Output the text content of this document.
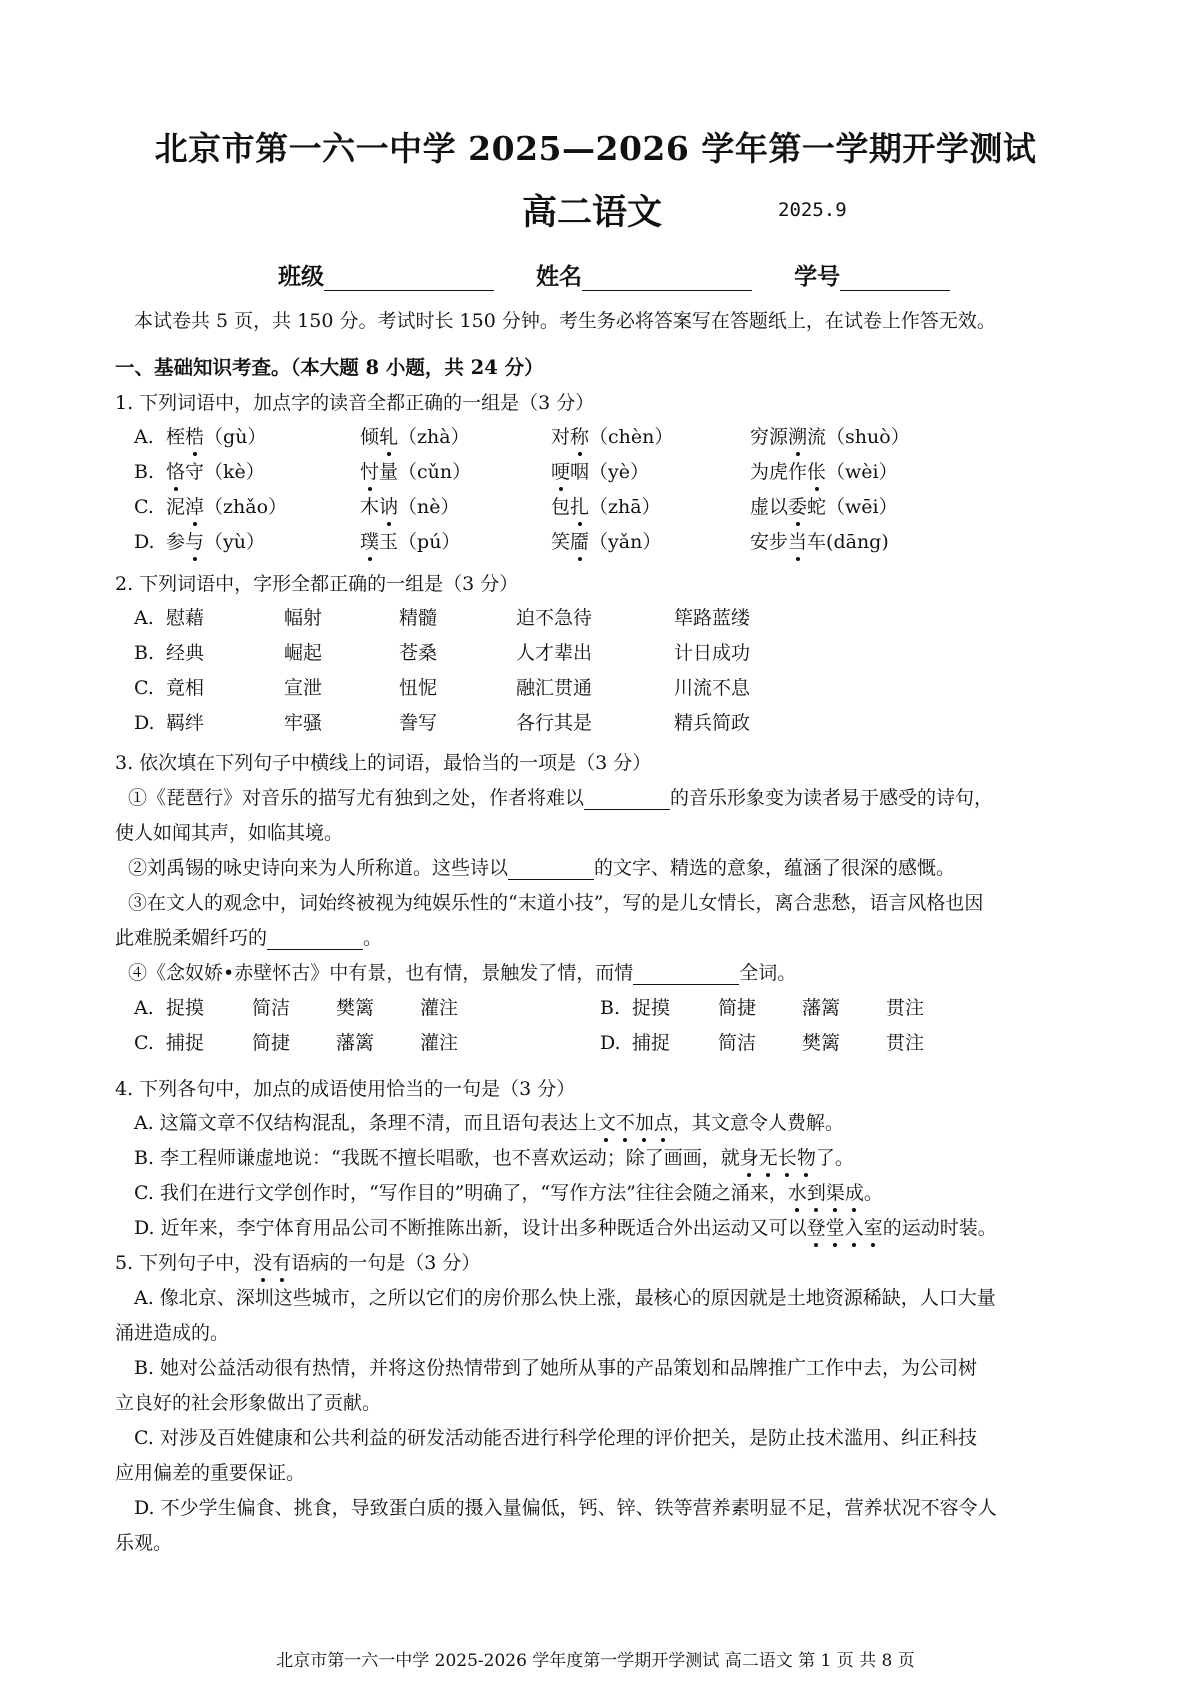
北京市第一六一中学 2025—2026 学年第一学期开学测试
高二语文	2025.9
班级	姓名	学号
本试卷共 5 页，共 150 分。考试时长 150 分钟。考生务必将答案写在答题纸上，在试卷上作答无效。
一、基础知识考查。（本大题 8 小题，共 24 分）
1. 下列词语中，加点字的读音全都正确的一组是（3 分）
A. 桎梏（gù）	倾轧（zhà）	对称（chèn）	穷源溯流（shuò）
B. 恪守（kè）	忖量（cǔn）	哽咽（yè）	为虎作伥（wèi）
C. 泥淖（zhǎo）	木讷（nè）	包扎（zhā）	虚以委蛇（wēi）
D. 参与（yù）	璞玉（pú）	笑靥（yǎn）	安步当车(dāng)
2. 下列词语中，字形全都正确的一组是（3 分）
A. 慰藉	幅射	精髓	迫不急待	筚路蓝缕
B. 经典	崛起	苍桑	人才辈出	计日成功
C. 竟相	宣泄	忸怩	融汇贯通	川流不息
D. 羁绊	牢骚	誊写	各行其是	精兵简政
3. 依次填在下列句子中横线上的词语，最恰当的一项是（3 分）
①《琵琶行》对音乐的描写尤有独到之处，作者将难以	的音乐形象变为读者易于感受的诗句，
使人如闻其声，如临其境。
②刘禹锡的咏史诗向来为人所称道。这些诗以	的文字、精选的意象，蕴涵了很深的感慨。
③在文人的观念中，词始终被视为纯娱乐性的“末道小技”，写的是儿女情长，离合悲愁，语言风格也因
此难脱柔媚纤巧的	。
④《念奴娇•赤壁怀古》中有景，也有情，景触发了情，而情	全词。
A. 捉摸	简洁 樊篱 灌注	B. 捉摸	简捷 藩篱 贯注
C. 捕捉	简捷 藩篱 灌注	D. 捕捉	简洁 樊篱 贯注
4. 下列各句中，加点的成语使用恰当的一句是（3 分）
A. 这篇文章不仅结构混乱，条理不清，而且语句表达上文不加点，其文意令人费解。
B. 李工程师谦虚地说：“我既不擅长唱歌，也不喜欢运动；除了画画，就身无长物了。
C. 我们在进行文学创作时，“写作目的”明确了，“写作方法”往往会随之涌来，水到渠成。
D. 近年来，李宁体育用品公司不断推陈出新，设计出多种既适合外出运动又可以登堂入室的运动时装。
5. 下列句子中，没有语病的一句是（3 分）
A. 像北京、深圳这些城市，之所以它们的房价那么快上涨，最核心的原因就是土地资源稀缺，人口大量
涌进造成的。
B. 她对公益活动很有热情，并将这份热情带到了她所从事的产品策划和品牌推广工作中去，为公司树
立良好的社会形象做出了贡献。
C. 对涉及百姓健康和公共利益的研发活动能否进行科学伦理的评价把关，是防止技术滥用、纠正科技
应用偏差的重要保证。
D. 不少学生偏食、挑食，导致蛋白质的摄入量偏低，钙、锌、铁等营养素明显不足，营养状况不容令人
乐观。
北京市第一六一中学 2025-2026 学年度第一学期开学测试 高二语文 第 1 页 共 8 页
